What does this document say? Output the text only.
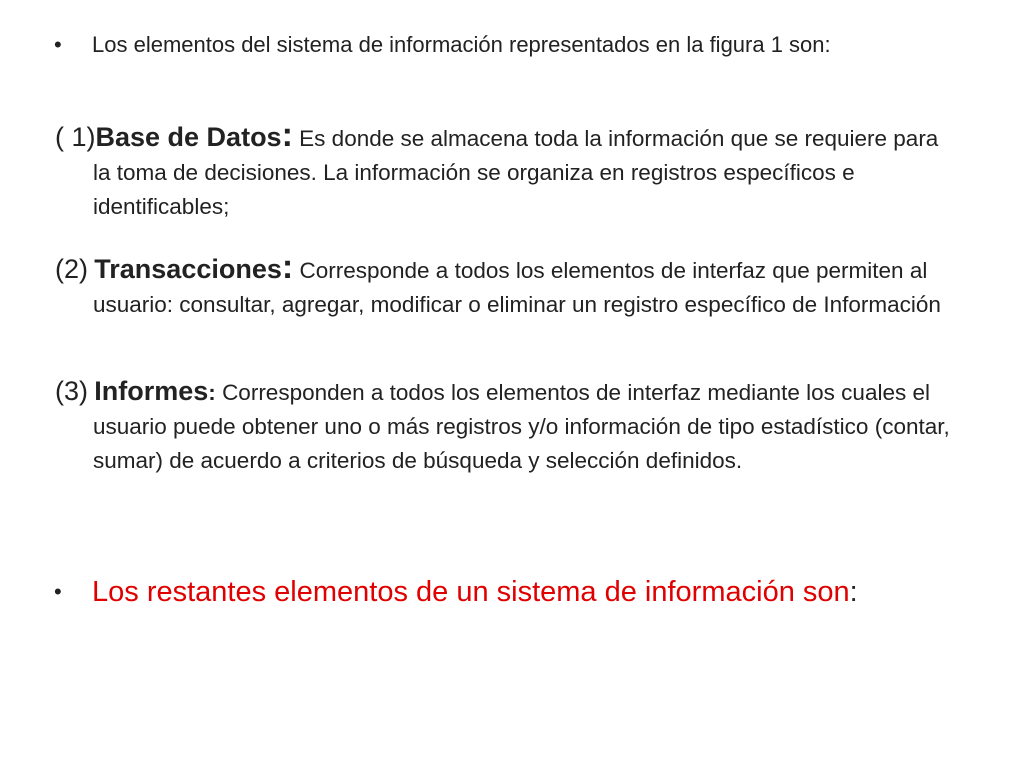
•	Los elementos del sistema de información representados en la figura 1 son:
( 1)Base de Datos: Es donde se almacena toda la información que se requiere para la toma de decisiones. La información se organiza en registros específicos e identificables;
(2) Transacciones: Corresponde a todos los elementos de interfaz que permiten al usuario: consultar, agregar, modificar o eliminar un registro específico de Información
(3) Informes: Corresponden a todos los elementos de interfaz mediante los cuales el usuario puede obtener uno o más registros y/o información de tipo estadístico (contar, sumar) de acuerdo a criterios de búsqueda y selección definidos.
•	Los restantes elementos de un sistema de información son:
